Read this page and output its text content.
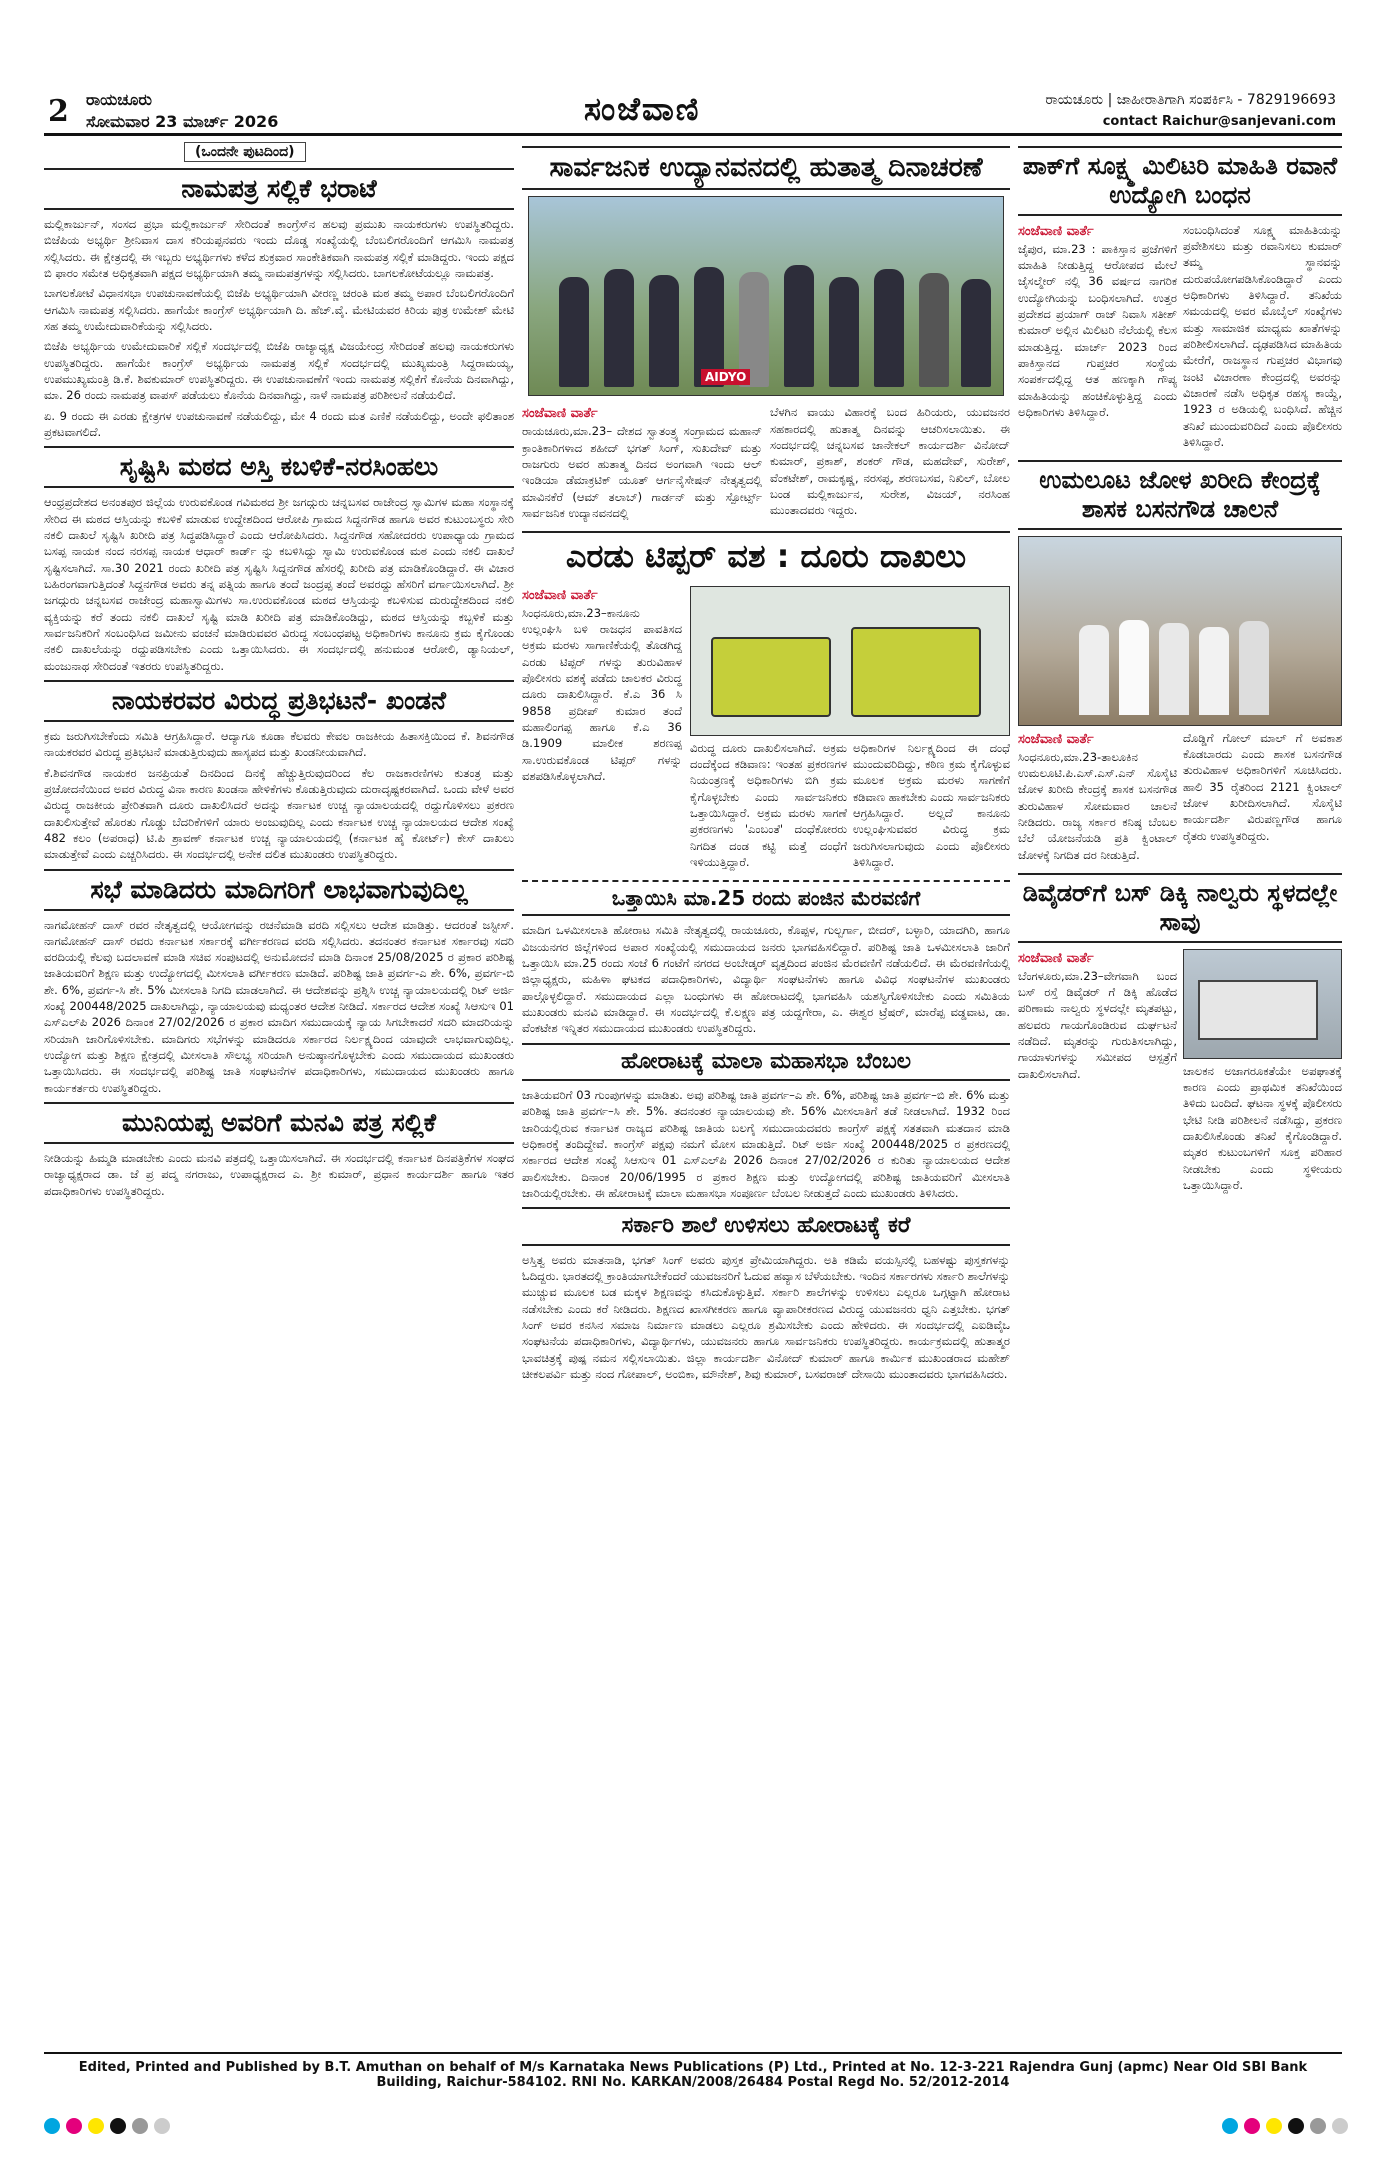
2 ರಾಯಚೂರು
ಸೋಮವಾರ 23 ಮಾರ್ಚ್ 2026	ಸಂಜೆವಾಣಿ	ರಾಯಚೂರು | ಜಾಹೀರಾತಿಗಾಗಿ ಸಂಪರ್ಕಿಸಿ - 7829196693
contact Raichur@sanjevani.com
(ಒಂದನೇ ಪುಟದಿಂದ)
ನಾಮಪತ್ರ ಸಲ್ಲಿಕೆ ಭರಾಟೆ

ಮಲ್ಲಿಕಾರ್ಜುನ್, ಸಂಸದ ಪ್ರಭಾ ಮಲ್ಲಿಕಾರ್ಜುನ್ ಸೇರಿದಂತೆ ಕಾಂಗ್ರೆಸ್‌ನ ಹಲವು ಪ್ರಮುಖ ನಾಯಕರುಗಳು ಉಪಸ್ಥಿತರಿದ್ದರು. ಬಿಜೆಪಿಯ ಅಭ್ಯರ್ಥಿ ಶ್ರೀನಿವಾಸ ದಾಸ ಕರಿಯಪ್ಪನವರು ಇಂದು ದೊಡ್ಡ ಸಂಖ್ಯೆಯಲ್ಲಿ ಬೆಂಬಲಿಗರೊಂದಿಗೆ ಆಗಮಿಸಿ ನಾಮಪತ್ರ ಸಲ್ಲಿಸಿದರು. ಈ ಕ್ಷೇತ್ರದಲ್ಲಿ ಈ ಇಬ್ಬರು ಅಭ್ಯರ್ಥಿಗಳು ಕಳೆದ ಶುಕ್ರವಾರ ಸಾಂಕೇತಿಕವಾಗಿ ನಾಮಪತ್ರ ಸಲ್ಲಿಕೆ ಮಾಡಿದ್ದರು. ಇಂದು ಪಕ್ಷದ ಬಿ ಫಾರಂ ಸಮೇತ ಅಧಿಕೃತವಾಗಿ ಪಕ್ಷದ ಅಭ್ಯರ್ಥಿಯಾಗಿ ತಮ್ಮ ನಾಮಪತ್ರಗಳನ್ನು ಸಲ್ಲಿಸಿದರು. ಬಾಗಲಕೋಟೆಯಲ್ಲೂ ನಾಮಪತ್ರ.

ಬಾಗಲಕೋಟೆ ವಿಧಾನಸಭಾ ಉಪಚುನಾವಣೆಯಲ್ಲಿ ಬಿಜೆಪಿ ಅಭ್ಯರ್ಥಿಯಾಗಿ ವೀರಣ್ಣ ಚರಂತಿ ಮಠ ತಮ್ಮ ಅಪಾರ ಬೆಂಬಲಿಗರೊಂದಿಗೆ ಆಗಮಿಸಿ ನಾಮಪತ್ರ ಸಲ್ಲಿಸಿದರು. ಹಾಗೆಯೇ ಕಾಂಗ್ರೆಸ್ ಅಭ್ಯರ್ಥಿಯಾಗಿ ದಿ. ಹೆಚ್.ವೈ. ಮೇಟಿಯವರ ಕಿರಿಯ ಪುತ್ರ ಉಮೇಶ್ ಮೇಟಿ ಸಹ ತಮ್ಮ ಉಮೇದುವಾರಿಕೆಯನ್ನು ಸಲ್ಲಿಸಿದರು.

ಬಿಜೆಪಿ ಅಭ್ಯರ್ಥಿಯ ಉಮೇದುವಾರಿಕೆ ಸಲ್ಲಿಕೆ ಸಂದರ್ಭದಲ್ಲಿ ಬಿಜೆಪಿ ರಾಜ್ಯಾಧ್ಯಕ್ಷ ವಿಜಯೇಂದ್ರ ಸೇರಿದಂತೆ ಹಲವು ನಾಯಕರುಗಳು ಉಪಸ್ಥಿತರಿದ್ದರು. ಹಾಗೆಯೇ ಕಾಂಗ್ರೆಸ್ ಅಭ್ಯರ್ಥಿಯ ನಾಮಪತ್ರ ಸಲ್ಲಿಕೆ ಸಂದರ್ಭದಲ್ಲಿ ಮುಖ್ಯಮಂತ್ರಿ ಸಿದ್ದರಾಮಯ್ಯ, ಉಪಮುಖ್ಯಮಂತ್ರಿ ಡಿ.ಕೆ. ಶಿವಕುಮಾರ್ ಉಪಸ್ಥಿತರಿದ್ದರು. ಈ ಉಪಚುನಾವಣೆಗೆ ಇಂದು ನಾಮಪತ್ರ ಸಲ್ಲಿಕೆಗೆ ಕೊನೆಯ ದಿನವಾಗಿದ್ದು, ಮಾ. 26 ರಂದು ನಾಮಪತ್ರ ವಾಪಸ್ ಪಡೆಯಲು ಕೊನೆಯ ದಿನವಾಗಿದ್ದು, ನಾಳೆ ನಾಮಪತ್ರ ಪರಿಶೀಲನೆ ನಡೆಯಲಿದೆ.

ಏ. 9 ರಂದು ಈ ಎರಡು ಕ್ಷೇತ್ರಗಳ ಉಪಚುನಾವಣೆ ನಡೆಯಲಿದ್ದು, ಮೇ 4 ರಂದು ಮತ ಎಣಿಕೆ ನಡೆಯಲಿದ್ದು, ಅಂದೇ ಫಲಿತಾಂಶ ಪ್ರಕಟವಾಗಲಿದೆ.

ಸೃಷ್ಟಿಸಿ ಮಠದ ಅಸ್ತಿ ಕಬಳಿಕೆ-ನರಸಿಂಹಲು

ಆಂಧ್ರಪ್ರದೇಶದ ಅನಂತಪುರ ಜಿಲ್ಲೆಯ ಉರುವಕೊಂಡ ಗವಿಮಠದ ಶ್ರೀ ಜಗದ್ಗುರು ಚನ್ನಬಸವ ರಾಜೇಂದ್ರ ಸ್ವಾಮಿಗಳ ಮಹಾ ಸಂಸ್ಥಾನಕ್ಕೆ ಸೇರಿದ ಈ ಮಠದ ಆಸ್ತಿಯನ್ನು ಕಬಳಿಕೆ ಮಾಡುವ ಉದ್ದೇಶದಿಂದ ಆರೋಪಿ ಗ್ರಾಮದ ಸಿದ್ದನಗೌಡ ಹಾಗೂ ಅವರ ಕುಟುಂಬಸ್ಥರು ಸೇರಿ ನಕಲಿ ದಾಖಲೆ ಸೃಷ್ಟಿಸಿ ಖರೀದಿ ಪತ್ರ ಸಿದ್ಧಪಡಿಸಿದ್ದಾರೆ ಎಂದು ಆರೋಪಿಸಿದರು. ಸಿದ್ದನಗೌಡ ಸಹೋದರರು ಉಪಾಧ್ಯಾಯ ಗ್ರಾಮದ ಬಸಪ್ಪ ನಾಯಕ ನಂದ ನರಸಪ್ಪ ನಾಯಕ ಆಧಾರ್ ಕಾರ್ಡ್ ನ್ನು ಕಬಳಿಸಿದ್ದು ಸ್ವಾಮಿ ಉರುವಕೊಂಡ ಮಠ ಎಂದು ನಕಲಿ ದಾಖಲೆ ಸೃಷ್ಟಿಸಲಾಗಿದೆ. ಸಾ.30 2021 ರಂದು ಖರೀದಿ ಪತ್ರ ಸೃಷ್ಟಿಸಿ ಸಿದ್ದನಗೌಡ ಹೆಸರಲ್ಲಿ ಖರೀದಿ ಪತ್ರ ಮಾಡಿಕೊಂಡಿದ್ದಾರೆ. ಈ ವಿಚಾರ ಬಹಿರಂಗವಾಗುತ್ತಿದಂತೆ ಸಿದ್ದನಗೌಡ ಅವರು ತನ್ನ ಪತ್ನಿಯ ಹಾಗೂ ತಂದೆ ಜಂದ್ರಪ್ಪ ತಂದೆ ಅವರದ್ದು ಹೆಸರಿಗೆ ವರ್ಗಾಯಿಸಲಾಗಿದೆ. ಶ್ರೀ ಜಗದ್ಗುರು ಚನ್ನಬಸವ ರಾಜೇಂದ್ರ ಮಹಾಸ್ವಾಮಿಗಳು ಸಾ.ಉರುವಕೊಂಡ ಮಠದ ಆಸ್ತಿಯನ್ನು ಕಬಳಿಸುವ ದುರುದ್ದೇಶದಿಂದ ನಕಲಿ ವ್ಯಕ್ತಿಯನ್ನು ಕರೆ ತಂದು ನಕಲಿ ದಾಖಲೆ ಸೃಷ್ಟಿ ಮಾಡಿ ಖರೀದಿ ಪತ್ರ ಮಾಡಿಕೊಂಡಿದ್ದು, ಮಠದ ಆಸ್ತಿಯನ್ನು ಕಬ್ಬಳಿಕೆ ಮತ್ತು ಸಾರ್ವಜನಿಕರಿಗೆ ಸಂಬಂಧಿಸಿದ ಜಮೀನು ವಂಚನೆ ಮಾಡಿರುವವರ ವಿರುದ್ಧ ಸಂಬಂಧಪಟ್ಟ ಅಧಿಕಾರಿಗಳು ಕಾನೂನು ಕ್ರಮ ಕೈಗೊಂಡು ನಕಲಿ ದಾಖಲೆಯನ್ನು ರದ್ದುಪಡಿಸಬೇಕು ಎಂದು ಒತ್ತಾಯಿಸಿದರು. ಈ ಸಂದರ್ಭದಲ್ಲಿ ಹನುಮಂತ ಆರೋಲಿ, ಡ್ಯಾನಿಯಲ್, ಮಂಜುನಾಥ ಸೇರಿದಂತೆ ಇತರರು ಉಪಸ್ಥಿತರಿದ್ದರು.

ನಾಯಕರವರ ವಿರುದ್ಧ ಪ್ರತಿಭಟನೆ- ಖಂಡನೆ

ಕ್ರಮ ಜರುಗಿಸಬೇಕೆಂದು ಸಮಿತಿ ಆಗ್ರಹಿಸಿದ್ದಾರೆ. ಆದ್ಯಾಗೂ ಕೂಡಾ ಕೆಲವರು ಕೇವಲ ರಾಜಕೀಯ ಹಿತಾಸಕ್ತಿಯಿಂದ ಕೆ. ಶಿವನಗೌಡ ನಾಯಕರವರ ವಿರುದ್ಧ ಪ್ರತಿಭಟನೆ ಮಾಡುತ್ತಿರುವುದು ಹಾಸ್ಯಪದ ಮತ್ತು ಖಂಡನೀಯವಾಗಿದೆ.

ಕೆ.ಶಿವನಗೌಡ ನಾಯಕರ ಜನಪ್ರಿಯತೆ ದಿನದಿಂದ ದಿನಕ್ಕೆ ಹೆಚ್ಚುತ್ತಿರುವುದರಿಂದ ಕೆಲ ರಾಜಕಾರಣಿಗಳು ಕುತಂತ್ರ ಮತ್ತು ಪ್ರಚೋದನೆಯಿಂದ ಅವರ ವಿರುದ್ಧ ವಿನಾ ಕಾರಣ ಖಂಡನಾ ಹೇಳಿಕೆಗಳು ಕೊಡುತ್ತಿರುವುದು ದುರಾದೃಷ್ಟಕರವಾಗಿದೆ. ಒಂದು ವೇಳೆ ಅವರ ವಿರುದ್ಧ ರಾಜಕೀಯ ಪ್ರೇರಿತವಾಗಿ ದೂರು ದಾಖಲಿಸಿದರೆ ಅದನ್ನು ಕರ್ನಾಟಕ ಉಚ್ಚ ನ್ಯಾಯಾಲಯದಲ್ಲಿ ರದ್ದುಗೊಳಿಸಲು ಪ್ರಕರಣ ದಾಖಲಿಸುತ್ತೇವೆ ಹೊರತು ಗೊಡ್ಡು ಬೆದರಿಕೆಗಳಿಗೆ ಯಾರು ಅಂಜುವುದಿಲ್ಲ ಎಂದು ಕರ್ನಾಟಕ ಉಚ್ಚ ನ್ಯಾಯಾಲಯದ ಆದೇಶ ಸಂಖ್ಯೆ 482 ಕಲಂ (ಅಪರಾಧ) ಟಿ.ಪಿ ಶ್ರಾವಣ್ ಕರ್ನಾಟಕ ಉಚ್ಚ ನ್ಯಾಯಾಲಯದಲ್ಲಿ (ಕರ್ನಾಟಕ ಹೈ ಕೋರ್ಟ್) ಕೇಸ್ ದಾಖಲು ಮಾಡುತ್ತೇವೆ ಎಂದು ಎಚ್ಚರಿಸಿದರು. ಈ ಸಂದರ್ಭದಲ್ಲಿ ಅನೇಕ ದಲಿತ ಮುಖಂಡರು ಉಪಸ್ಥಿತರಿದ್ದರು.

ಸಭೆ ಮಾಡಿದರು ಮಾದಿಗರಿಗೆ ಲಾಭವಾಗುವುದಿಲ್ಲ

ನಾಗಮೋಹನ್ ದಾಸ್ ರವರ ನೇತೃತ್ವದಲ್ಲಿ ಆಯೋಗವನ್ನು ರಚನೆಮಾಡಿ ವರದಿ ಸಲ್ಲಿಸಲು ಆದೇಶ ಮಾಡಿತ್ತು. ಆದರಂತೆ ಜಸ್ಟೀಸ್. ನಾಗಮೋಹನ್ ದಾಸ್ ರವರು ಕರ್ನಾಟಕ ಸರ್ಕಾರಕ್ಕೆ ವರ್ಗೀಕರಣದ ವರದಿ ಸಲ್ಲಿಸಿದರು. ತದನಂತರ ಕರ್ನಾಟಕ ಸರ್ಕಾರವು ಸದರಿ ವರದಿಯಲ್ಲಿ ಕೆಲವು ಬದಲಾವಣೆ ಮಾಡಿ ಸಚಿವ ಸಂಪುಟದಲ್ಲಿ ಅನುಮೋದನೆ ಮಾಡಿ ದಿನಾಂಕ 25/08/2025 ರ ಪ್ರಕಾರ ಪರಿಶಿಷ್ಟ ಜಾತಿಯವರಿಗೆ ಶಿಕ್ಷಣ ಮತ್ತು ಉದ್ಯೋಗದಲ್ಲಿ ಮೀಸಲಾತಿ ವರ್ಗೀಕರಣ ಮಾಡಿದೆ. ಪರಿಶಿಷ್ಟ ಜಾತಿ ಪ್ರವರ್ಗ-ಎ ಶೇ. 6%, ಪ್ರವರ್ಗ-ಬಿ ಶೇ. 6%, ಪ್ರವರ್ಗ-ಸಿ ಶೇ. 5% ಮೀಸಲಾತಿ ನಿಗದಿ ಮಾಡಲಾಗಿದೆ. ಈ ಆದೇಶವನ್ನು ಪ್ರಶ್ನಿಸಿ ಉಚ್ಚ ನ್ಯಾಯಾಲಯದಲ್ಲಿ ರಿಟ್ ಅರ್ಜಿ ಸಂಖ್ಯೆ 200448/2025 ದಾಖಲಾಗಿದ್ದು, ನ್ಯಾಯಾಲಯವು ಮಧ್ಯಂತರ ಆದೇಶ ನೀಡಿದೆ. ಸರ್ಕಾರದ ಆದೇಶ ಸಂಖ್ಯೆ ಸಿಆಸುಇ 01 ಎಸ್‌ಎಲ್‌ಪಿ 2026 ದಿನಾಂಕ 27/02/2026 ರ ಪ್ರಕಾರ ಮಾದಿಗ ಸಮುದಾಯಕ್ಕೆ ನ್ಯಾಯ ಸಿಗಬೇಕಾದರೆ ಸದರಿ ಮಾದರಿಯನ್ನು ಸರಿಯಾಗಿ ಜಾರಿಗೊಳಿಸಬೇಕು. ಮಾದಿಗರು ಸಭೆಗಳನ್ನು ಮಾಡಿದರೂ ಸರ್ಕಾರದ ನಿರ್ಲಕ್ಷ್ಯದಿಂದ ಯಾವುದೇ ಲಾಭವಾಗುವುದಿಲ್ಲ. ಉದ್ಯೋಗ ಮತ್ತು ಶಿಕ್ಷಣ ಕ್ಷೇತ್ರದಲ್ಲಿ ಮೀಸಲಾತಿ ಸೌಲಭ್ಯ ಸರಿಯಾಗಿ ಅನುಷ್ಠಾನಗೊಳ್ಳಬೇಕು ಎಂದು ಸಮುದಾಯದ ಮುಖಂಡರು ಒತ್ತಾಯಿಸಿದರು. ಈ ಸಂದರ್ಭದಲ್ಲಿ ಪರಿಶಿಷ್ಟ ಜಾತಿ ಸಂಘಟನೆಗಳ ಪದಾಧಿಕಾರಿಗಳು, ಸಮುದಾಯದ ಮುಖಂಡರು ಹಾಗೂ ಕಾರ್ಯಕರ್ತರು ಉಪಸ್ಥಿತರಿದ್ದರು.

ಮುನಿಯಪ್ಪ ಅವರಿಗೆ ಮನವಿ ಪತ್ರ ಸಲ್ಲಿಕೆ

ನೀಡಿಯನ್ನು ಹಿಮ್ಮಡಿ ಮಾಡಬೇಕು ಎಂದು ಮನವಿ ಪತ್ರದಲ್ಲಿ ಒತ್ತಾಯಿಸಲಾಗಿದೆ. ಈ ಸಂದರ್ಭದಲ್ಲಿ ಕರ್ನಾಟಕ ದಿನಪತ್ರಿಕೆಗಳ ಸಂಘದ ರಾಜ್ಯಾಧ್ಯಕ್ಷರಾದ ಡಾ. ಜೆ ಪ್ರ ಪದ್ಮ ನಗರಾಜು, ಉಪಾಧ್ಯಕ್ಷರಾದ ಎ. ಶ್ರೀ ಕುಮಾರ್, ಪ್ರಧಾನ ಕಾರ್ಯದರ್ಶಿ ಹಾಗೂ ಇತರ ಪದಾಧಿಕಾರಿಗಳು ಉಪಸ್ಥಿತರಿದ್ದರು.

ಸಾರ್ವಜನಿಕ ಉದ್ಯಾನವನದಲ್ಲಿ ಹುತಾತ್ಮ ದಿನಾಚರಣೆ
AIDYO
ಸಂಜೆವಾಣಿ ವಾರ್ತೆ

ರಾಯಚೂರು,ಮಾ.23– ದೇಶದ ಸ್ವಾತಂತ್ರ್ಯ ಸಂಗ್ರಾಮದ ಮಹಾನ್ ಕ್ರಾಂತಿಕಾರಿಗಳಾದ ಶಹೀದ್ ಭಗತ್ ಸಿಂಗ್, ಸುಖದೇವ್ ಮತ್ತು ರಾಜಗುರು ಅವರ ಹುತಾತ್ಮ ದಿನದ ಅಂಗವಾಗಿ ಇಂದು ಆಲ್ ಇಂಡಿಯಾ ಡೆಮಾಕ್ರಟಿಕ್ ಯೂತ್ ಆರ್ಗನೈಸೇಷನ್ ನೇತೃತ್ವದಲ್ಲಿ ಮಾವಿನಕೆರೆ (ಆಮ್ ತಲಾಬ್) ಗಾರ್ಡನ್ ಮತ್ತು ಸ್ಪೋರ್ಟ್ಸ್ ಸಾರ್ವಜನಿಕ ಉದ್ಯಾನವನದಲ್ಲಿ

ಬೆಳಗಿನ ವಾಯು ವಿಹಾರಕ್ಕೆ ಬಂದ ಹಿರಿಯರು, ಯುವಜನರ ಸಹಕಾರದಲ್ಲಿ ಹುತಾತ್ಮ ದಿನವನ್ನು ಆಚರಿಸಲಾಯಿತು. ಈ ಸಂದರ್ಭದಲ್ಲಿ ಚನ್ನಬಸವ ಜಾನೇಕಲ್ ಕಾರ್ಯದರ್ಶಿ ವಿನೋದ್ ಕುಮಾರ್, ಪ್ರಕಾಶ್, ಶಂಕರ್ ಗೌಡ, ಮಹದೇವ್, ಸುರೇಶ್, ವೆಂಕಟೇಶ್, ರಾಮಕೃಷ್ಣ, ನರಸಪ್ಪ, ಶರಣಬಸವ, ನಿಖಿಲ್, ಬೋಲ ಬಂಡ ಮಲ್ಲಿಕಾರ್ಜುನ, ಸುರೇಶ, ವಿಜಯ್, ನರಸಿಂಹ ಮುಂತಾದವರು ಇದ್ದರು.

ಎರಡು ಟಿಪ್ಪರ್ ವಶ : ದೂರು ದಾಖಲು
ಸಂಜೆವಾಣಿ ವಾರ್ತೆ

ಸಿಂಧನೂರು,ಮಾ.23–ಕಾನೂನು ಉಲ್ಲಂಘಿಸಿ ಬಳಿ ರಾಜಧನ ಪಾವತಿಸದ ಅಕ್ರಮ ಮರಳು ಸಾಗಾಣಿಕೆಯಲ್ಲಿ ತೊಡಗಿದ್ದ ಎರಡು ಟಿಪ್ಪರ್ ಗಳನ್ನು ತುರುವಿಹಾಳ ಪೊಲೀಸರು ವಶಕ್ಕೆ ಪಡೆದು ಚಾಲಕರ ವಿರುದ್ಧ ದೂರು ದಾಖಲಿಸಿದ್ದಾರೆ. ಕೆ.ಎ 36 ಸಿ 9858 ಪ್ರದೀಪ್ ಕುಮಾರ ತಂದೆ ಮಹಾಲಿಂಗಪ್ಪ ಹಾಗೂ ಕೆ.ಎ 36 ಡಿ.1909 ಮಾಲೀಕ ಶರಣಪ್ಪ ಸಾ.ಉರುವಕೊಂಡ ಟಿಪ್ಪರ್ ಗಳನ್ನು ವಶಪಡಿಸಿಕೊಳ್ಳಲಾಗಿದೆ.

ವಿರುದ್ಧ ದೂರು ದಾಖಲಿಸಲಾಗಿದೆ. ಅಕ್ರಮ ದಂದೆಕ್ಕೆಂದ ಕಡಿವಾಣ: ಇಂತಹ ಪ್ರಕರಣಗಳ ನಿಯಂತ್ರಣಕ್ಕೆ ಅಧಿಕಾರಿಗಳು ಬಿಗಿ ಕ್ರಮ ಕೈಗೊಳ್ಳಬೇಕು ಎಂದು ಸಾರ್ವಜನಿಕರು ಒತ್ತಾಯಿಸಿದ್ದಾರೆ. ಅಕ್ರಮ ಮರಳು ಸಾಗಣೆ ಪ್ರಕರಣಗಳು 'ಎಂಬಂತೆ' ದಂಧೆಕೋರರು ನಿಗದಿತ ದಂಡ ಕಟ್ಟಿ ಮತ್ತೆ ದಂಧೆಗೆ ಇಳಿಯುತ್ತಿದ್ದಾರೆ.

ಅಧಿಕಾರಿಗಳ ನಿರ್ಲಕ್ಷ್ಯದಿಂದ ಈ ದಂಧೆ ಮುಂದುವರಿದಿದ್ದು, ಕಠಿಣ ಕ್ರಮ ಕೈಗೊಳ್ಳುವ ಮೂಲಕ ಅಕ್ರಮ ಮರಳು ಸಾಗಣೆಗೆ ಕಡಿವಾಣ ಹಾಕಬೇಕು ಎಂದು ಸಾರ್ವಜನಿಕರು ಆಗ್ರಹಿಸಿದ್ದಾರೆ. ಅಲ್ಲದೆ ಕಾನೂನು ಉಲ್ಲಂಘಿಸುವವರ ವಿರುದ್ಧ ಕ್ರಮ ಜರುಗಿಸಲಾಗುವುದು ಎಂದು ಪೊಲೀಸರು ತಿಳಿಸಿದ್ದಾರೆ.

ಒತ್ತಾಯಿಸಿ ಮಾ.25 ರಂದು ಪಂಜಿನ ಮೆರವಣಿಗೆ

ಮಾದಿಗ ಒಳಮೀಸಲಾತಿ ಹೋರಾಟ ಸಮಿತಿ ನೇತೃತ್ವದಲ್ಲಿ ರಾಯಚೂರು, ಕೊಪ್ಪಳ, ಗುಲ್ಬರ್ಗಾ, ಬೀದರ್, ಬಳ್ಳಾರಿ, ಯಾದಗಿರಿ, ಹಾಗೂ ವಿಜಯನಗರ ಜಿಲ್ಲೆಗಳಿಂದ ಅಪಾರ ಸಂಖ್ಯೆಯಲ್ಲಿ ಸಮುದಾಯದ ಜನರು ಭಾಗವಹಿಸಲಿದ್ದಾರೆ. ಪರಿಶಿಷ್ಟ ಜಾತಿ ಒಳಮೀಸಲಾತಿ ಜಾರಿಗೆ ಒತ್ತಾಯಿಸಿ ಮಾ.25 ರಂದು ಸಂಜೆ 6 ಗಂಟೆಗೆ ನಗರದ ಅಂಬೇಡ್ಕರ್ ವೃತ್ತದಿಂದ ಪಂಜಿನ ಮೆರವಣಿಗೆ ನಡೆಯಲಿದೆ. ಈ ಮೆರವಣಿಗೆಯಲ್ಲಿ ಜಿಲ್ಲಾಧ್ಯಕ್ಷರು, ಮಹಿಳಾ ಘಟಕದ ಪದಾಧಿಕಾರಿಗಳು, ವಿದ್ಯಾರ್ಥಿ ಸಂಘಟನೆಗಳು ಹಾಗೂ ವಿವಿಧ ಸಂಘಟನೆಗಳ ಮುಖಂಡರು ಪಾಲ್ಗೊಳ್ಳಲಿದ್ದಾರೆ. ಸಮುದಾಯದ ಎಲ್ಲಾ ಬಂಧುಗಳು ಈ ಹೋರಾಟದಲ್ಲಿ ಭಾಗವಹಿಸಿ ಯಶಸ್ವಿಗೊಳಿಸಬೇಕು ಎಂದು ಸಮಿತಿಯ ಮುಖಂಡರು ಮನವಿ ಮಾಡಿದ್ದಾರೆ. ಈ ಸಂದರ್ಭದಲ್ಲಿ ಕೆ.ಲಕ್ಷ್ಮಣ ಪತ್ರ ಯದ್ದಗೇರಾ, ಎ. ಈಶ್ವರ ಟ್ರೆಷರ್, ಮಾರೆಪ್ಪ ವಡ್ಡವಾಟ, ಡಾ. ವೆಂಕಟೇಶ ಇನ್ನಿತರ ಸಮುದಾಯದ ಮುಖಂಡರು ಉಪಸ್ಥಿತರಿದ್ದರು.

ಹೋರಾಟಕ್ಕೆ ಮಾಲಾ ಮಹಾಸಭಾ ಬೆಂಬಲ

ಜಾತಿಯವರಿಗೆ 03 ಗುಂಪುಗಳನ್ನು ಮಾಡಿತು. ಅವು ಪರಿಶಿಷ್ಟ ಜಾತಿ ಪ್ರವರ್ಗ–ಎ ಶೇ. 6%, ಪರಿಶಿಷ್ಟ ಜಾತಿ ಪ್ರವರ್ಗ–ಬಿ ಶೇ. 6% ಮತ್ತು ಪರಿಶಿಷ್ಟ ಜಾತಿ ಪ್ರವರ್ಗ–ಸಿ ಶೇ. 5%. ತದನಂತರ ನ್ಯಾಯಾಲಯವು ಶೇ. 56% ಮೀಸಲಾತಿಗೆ ತಡೆ ನೀಡಲಾಗಿದೆ. 1932 ರಿಂದ ಜಾರಿಯಲ್ಲಿರುವ ಕರ್ನಾಟಕ ರಾಜ್ಯದ ಪರಿಶಿಷ್ಟ ಜಾತಿಯ ಬಲಗೈ ಸಮುದಾಯದವರು ಕಾಂಗ್ರೆಸ್ ಪಕ್ಷಕ್ಕೆ ಸತತವಾಗಿ ಮತದಾನ ಮಾಡಿ ಅಧಿಕಾರಕ್ಕೆ ತಂದಿದ್ದೇವೆ. ಕಾಂಗ್ರೆಸ್ ಪಕ್ಷವು ನಮಗೆ ಮೋಸ ಮಾಡುತ್ತಿದೆ. ರಿಟ್ ಅರ್ಜಿ ಸಂಖ್ಯೆ 200448/2025 ರ ಪ್ರಕರಣದಲ್ಲಿ ಸರ್ಕಾರದ ಆದೇಶ ಸಂಖ್ಯೆ ಸಿಆಸುಇ 01 ಎಸ್‌ಎಲ್‌ಪಿ 2026 ದಿನಾಂಕ 27/02/2026 ರ ಕುರಿತು ನ್ಯಾಯಾಲಯದ ಆದೇಶ ಪಾಲಿಸಬೇಕು. ದಿನಾಂಕ 20/06/1995 ರ ಪ್ರಕಾರ ಶಿಕ್ಷಣ ಮತ್ತು ಉದ್ಯೋಗದಲ್ಲಿ ಪರಿಶಿಷ್ಟ ಜಾತಿಯವರಿಗೆ ಮೀಸಲಾತಿ ಜಾರಿಯಲ್ಲಿರಬೇಕು. ಈ ಹೋರಾಟಕ್ಕೆ ಮಾಲಾ ಮಹಾಸಭಾ ಸಂಪೂರ್ಣ ಬೆಂಬಲ ನೀಡುತ್ತದೆ ಎಂದು ಮುಖಂಡರು ತಿಳಿಸಿದರು.

ಸರ್ಕಾರಿ ಶಾಲೆ ಉಳಿಸಲು ಹೋರಾಟಕ್ಕೆ ಕರೆ

ಅಸ್ತಿತ್ವ ಅವರು ಮಾತನಾಡಿ, ಭಗತ್ ಸಿಂಗ್ ಅವರು ಪುಸ್ತಕ ಪ್ರೇಮಿಯಾಗಿದ್ದರು. ಅತಿ ಕಡಿಮೆ ವಯಸ್ಸಿನಲ್ಲಿ ಬಹಳಷ್ಟು ಪುಸ್ತಕಗಳನ್ನು ಓದಿದ್ದರು. ಭಾರತದಲ್ಲಿ ಕ್ರಾಂತಿಯಾಗಬೇಕೆಂದರೆ ಯುವಜನರಿಗೆ ಓದುವ ಹವ್ಯಾಸ ಬೆಳೆಯಬೇಕು. ಇಂದಿನ ಸರ್ಕಾರಗಳು ಸರ್ಕಾರಿ ಶಾಲೆಗಳನ್ನು ಮುಚ್ಚುವ ಮೂಲಕ ಬಡ ಮಕ್ಕಳ ಶಿಕ್ಷಣವನ್ನು ಕಸಿದುಕೊಳ್ಳುತ್ತಿವೆ. ಸರ್ಕಾರಿ ಶಾಲೆಗಳನ್ನು ಉಳಿಸಲು ಎಲ್ಲರೂ ಒಗ್ಗಟ್ಟಾಗಿ ಹೋರಾಟ ನಡೆಸಬೇಕು ಎಂದು ಕರೆ ನೀಡಿದರು. ಶಿಕ್ಷಣದ ಖಾಸಗೀಕರಣ ಹಾಗೂ ವ್ಯಾಪಾರೀಕರಣದ ವಿರುದ್ಧ ಯುವಜನರು ಧ್ವನಿ ಎತ್ತಬೇಕು. ಭಗತ್ ಸಿಂಗ್ ಅವರ ಕನಸಿನ ಸಮಾಜ ನಿರ್ಮಾಣ ಮಾಡಲು ಎಲ್ಲರೂ ಶ್ರಮಿಸಬೇಕು ಎಂದು ಹೇಳಿದರು. ಈ ಸಂದರ್ಭದಲ್ಲಿ ಎಐಡಿವೈಒ ಸಂಘಟನೆಯ ಪದಾಧಿಕಾರಿಗಳು, ವಿದ್ಯಾರ್ಥಿಗಳು, ಯುವಜನರು ಹಾಗೂ ಸಾರ್ವಜನಿಕರು ಉಪಸ್ಥಿತರಿದ್ದರು. ಕಾರ್ಯಕ್ರಮದಲ್ಲಿ ಹುತಾತ್ಮರ ಭಾವಚಿತ್ರಕ್ಕೆ ಪುಷ್ಪ ನಮನ ಸಲ್ಲಿಸಲಾಯಿತು. ಜಿಲ್ಲಾ ಕಾರ್ಯದರ್ಶಿ ವಿನೋದ್ ಕುಮಾರ್ ಹಾಗೂ ಕಾರ್ಮಿಕ ಮುಖಂಡರಾದ ಮಹೇಶ್ ಚೀಕಲಪರ್ವಿ ಮತ್ತು ನಂದ ಗೋಪಾಲ್, ಅಂಬಿಕಾ, ಮೌನೇಶ್, ಶಿವು ಕುಮಾರ್, ಬಸವರಾಜ್ ದೇಸಾಯಿ ಮುಂತಾದವರು ಭಾಗವಹಿಸಿದರು.

ಪಾಕ್‌ಗೆ ಸೂಕ್ಷ್ಮ ಮಿಲಿಟರಿ ಮಾಹಿತಿ ರವಾನೆ ಉದ್ಯೋಗಿ ಬಂಧನ
ಸಂಜೆವಾಣಿ ವಾರ್ತೆ

ಜೈಪುರ, ಮಾ.23 : ಪಾಕಿಸ್ತಾನ ಪ್ರಜೆಗಳಿಗೆ ಮಾಹಿತಿ ನೀಡುತ್ತಿದ್ದ ಆರೋಪದ ಮೇಲೆ ಜೈಸಲ್ಮೇರ್ ನಲ್ಲಿ 36 ವರ್ಷದ ನಾಗರಿಕ ಉದ್ಯೋಗಿಯನ್ನು ಬಂಧಿಸಲಾಗಿದೆ. ಉತ್ತರ ಪ್ರದೇಶದ ಪ್ರಯಾಗ್ ರಾಜ್ ನಿವಾಸಿ ಸತೀಶ್ ಕುಮಾರ್ ಅಲ್ಲಿನ ಮಿಲಿಟರಿ ನೆಲೆಯಲ್ಲಿ ಕೆಲಸ ಮಾಡುತ್ತಿದ್ದ. ಮಾರ್ಚ್ 2023 ರಿಂದ ಪಾಕಿಸ್ತಾನದ ಗುಪ್ತಚರ ಸಂಸ್ಥೆಯ ಸಂಪರ್ಕದಲ್ಲಿದ್ದ ಆತ ಹಣಕ್ಕಾಗಿ ಗೌಪ್ಯ ಮಾಹಿತಿಯನ್ನು ಹಂಚಿಕೊಳ್ಳುತ್ತಿದ್ದ ಎಂದು ಅಧಿಕಾರಿಗಳು ತಿಳಿಸಿದ್ದಾರೆ.

ಸಂಬಂಧಿಸಿದಂತೆ ಸೂಕ್ಷ್ಮ ಮಾಹಿತಿಯನ್ನು ಪ್ರವೇಶಿಸಲು ಮತ್ತು ರವಾನಿಸಲು ಕುಮಾರ್ ತಮ್ಮ ಸ್ಥಾನವನ್ನು ದುರುಪಯೋಗಪಡಿಸಿಕೊಂಡಿದ್ದಾರೆ ಎಂದು ಅಧಿಕಾರಿಗಳು ತಿಳಿಸಿದ್ದಾರೆ. ತನಿಖೆಯ ಸಮಯದಲ್ಲಿ ಅವರ ಮೊಬೈಲ್ ಸಂಖ್ಯೆಗಳು ಮತ್ತು ಸಾಮಾಜಿಕ ಮಾಧ್ಯಮ ಖಾತೆಗಳನ್ನು ಪರಿಶೀಲಿಸಲಾಗಿದೆ. ದೃಢಪಡಿಸಿದ ಮಾಹಿತಿಯ ಮೇರೆಗೆ, ರಾಜಸ್ಥಾನ ಗುಪ್ತಚರ ವಿಭಾಗವು ಜಂಟಿ ವಿಚಾರಣಾ ಕೇಂದ್ರದಲ್ಲಿ ಅವರನ್ನು ವಿಚಾರಣೆ ನಡೆಸಿ ಅಧಿಕೃತ ರಹಸ್ಯ ಕಾಯ್ದೆ, 1923 ರ ಅಡಿಯಲ್ಲಿ ಬಂಧಿಸಿದೆ. ಹೆಚ್ಚಿನ ತನಿಖೆ ಮುಂದುವರಿದಿದೆ ಎಂದು ಪೊಲೀಸರು ತಿಳಿಸಿದ್ದಾರೆ.

ಉಮಲೂಟ ಜೋಳ ಖರೀದಿ ಕೇಂದ್ರಕ್ಕೆ ಶಾಸಕ ಬಸನಗೌಡ ಚಾಲನೆ
ಸಂಜೆವಾಣಿ ವಾರ್ತೆ

ಸಿಂಧನೂರು,ಮಾ.23-ತಾಲೂಕಿನ ಉಮಲೂಟಿ.ಪಿ.ಎಸ್.ಎಸ್.ಎನ್ ಸೊಸೈಟಿ ಜೋಳ ಖರೀದಿ ಕೇಂದ್ರಕ್ಕೆ ಶಾಸಕ ಬಸನಗೌಡ ತುರುವಿಹಾಳ ಸೋಮವಾರ ಚಾಲನೆ ನೀಡಿದರು. ರಾಜ್ಯ ಸರ್ಕಾರ ಕನಿಷ್ಠ ಬೆಂಬಲ ಬೆಲೆ ಯೋಜನೆಯಡಿ ಪ್ರತಿ ಕ್ವಿಂಟಾಲ್ ಜೋಳಕ್ಕೆ ನಿಗದಿತ ದರ ನೀಡುತ್ತಿದೆ.

ದೊಡ್ಡಿಗೆ ಗೋಲ್ ಮಾಲ್ ಗೆ ಅವಕಾಶ ಕೊಡಬಾರದು ಎಂದು ಶಾಸಕ ಬಸನಗೌಡ ತುರುವಿಹಾಳ ಅಧಿಕಾರಿಗಳಿಗೆ ಸೂಚಿಸಿದರು. ಹಾಲಿ 35 ರೈತರಿಂದ 2121 ಕ್ವಿಂಟಾಲ್ ಜೋಳ ಖರೀದಿಸಲಾಗಿದೆ. ಸೊಸೈಟಿ ಕಾರ್ಯದರ್ಶಿ ವಿರುಪಣ್ಣಗೌಡ ಹಾಗೂ ರೈತರು ಉಪಸ್ಥಿತರಿದ್ದರು.

ಡಿವೈಡರ್‌ಗೆ ಬಸ್ ಡಿಕ್ಕಿ ನಾಲ್ವರು ಸ್ಥಳದಲ್ಲೇ ಸಾವು
ಸಂಜೆವಾಣಿ ವಾರ್ತೆ

ಬೆಂಗಳೂರು,ಮಾ.23–ವೇಗವಾಗಿ ಬಂದ ಬಸ್ ರಸ್ತೆ ಡಿವೈಡರ್ ಗೆ ಡಿಕ್ಕಿ ಹೊಡೆದ ಪರಿಣಾಮ ನಾಲ್ವರು ಸ್ಥಳದಲ್ಲೇ ಮೃತಪಟ್ಟು, ಹಲವರು ಗಾಯಗೊಂಡಿರುವ ದುರ್ಘಟನೆ ನಡೆದಿದೆ. ಮೃತರನ್ನು ಗುರುತಿಸಲಾಗಿದ್ದು, ಗಾಯಾಳುಗಳನ್ನು ಸಮೀಪದ ಆಸ್ಪತ್ರೆಗೆ ದಾಖಲಿಸಲಾಗಿದೆ.	ಚಾಲಕನ ಅಜಾಗರೂಕತೆಯೇ ಅಪಘಾತಕ್ಕೆ ಕಾರಣ ಎಂದು ಪ್ರಾಥಮಿಕ ತನಿಖೆಯಿಂದ ತಿಳಿದು ಬಂದಿದೆ. ಘಟನಾ ಸ್ಥಳಕ್ಕೆ ಪೊಲೀಸರು ಭೇಟಿ ನೀಡಿ ಪರಿಶೀಲನೆ ನಡೆಸಿದ್ದು, ಪ್ರಕರಣ ದಾಖಲಿಸಿಕೊಂಡು ತನಿಖೆ ಕೈಗೊಂಡಿದ್ದಾರೆ. ಮೃತರ ಕುಟುಂಬಗಳಿಗೆ ಸೂಕ್ತ ಪರಿಹಾರ ನೀಡಬೇಕು ಎಂದು ಸ್ಥಳೀಯರು ಒತ್ತಾಯಿಸಿದ್ದಾರೆ.

Edited, Printed and Published by B.T. Amuthan on behalf of M/s Karnataka News Publications (P) Ltd., Printed at No. 12-3-221 Rajendra Gunj (apmc) Near Old SBI Bank Building, Raichur-584102. RNI No. KARKAN/2008/26484 Postal Regd No. 52/2012-2014
